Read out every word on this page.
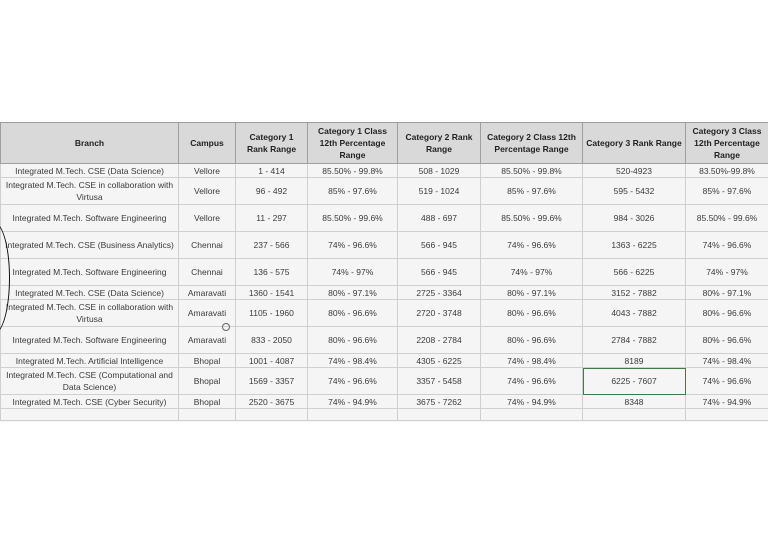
Branch	Campus	Category 1 Rank Range	Category 1 Class 12th Percentage Range	Category 2 Rank Range	Category 2 Class 12th Percentage Range	Category 3 Rank Range	Category 3 Class 12th Percentage Range
Integrated M.Tech. CSE (Data Science)	Vellore	1 - 414	85.50% - 99.8%	508 - 1029	85.50% - 99.8%	520-4923	83.50%-99.8%
Integrated M.Tech. CSE in collaboration with Virtusa	Vellore	96 - 492	85% - 97.6%	519 - 1024	85% - 97.6%	595 - 5432	85% - 97.6%
Integrated M.Tech. Software Engineering	Vellore	11 - 297	85.50% - 99.6%	488 - 697	85.50% - 99.6%	984 - 3026	85.50% - 99.6%
Integrated M.Tech. CSE (Business Analytics)	Chennai	237 - 566	74% - 96.6%	566 - 945	74% - 96.6%	1363 - 6225	74% - 96.6%
Integrated M.Tech. Software Engineering	Chennai	136 - 575	74% - 97%	566 - 945	74% - 97%	566 - 6225	74% - 97%
Integrated M.Tech. CSE (Data Science)	Amaravati	1360 - 1541	80% - 97.1%	2725 - 3364	80% - 97.1%	3152 - 7882	80% - 97.1%
Integrated M.Tech. CSE in collaboration with Virtusa	Amaravati	1105 - 1960	80% - 96.6%	2720 - 3748	80% - 96.6%	4043 - 7882	80% - 96.6%
Integrated M.Tech. Software Engineering	Amaravati	833 - 2050	80% - 96.6%	2208 - 2784	80% - 96.6%	2784 - 7882	80% - 96.6%
Integrated M.Tech. Artificial Intelligence	Bhopal	1001 - 4087	74% - 98.4%	4305 - 6225	74% - 98.4%	8189	74% - 98.4%
Integrated M.Tech. CSE (Computational and Data Science)	Bhopal	1569 - 3357	74% - 96.6%	3357 - 5458	74% - 96.6%	6225 - 7607	74% - 96.6%
Integrated M.Tech. CSE (Cyber Security)	Bhopal	2520 - 3675	74% - 94.9%	3675 - 7262	74% - 94.9%	8348	74% - 94.9%
